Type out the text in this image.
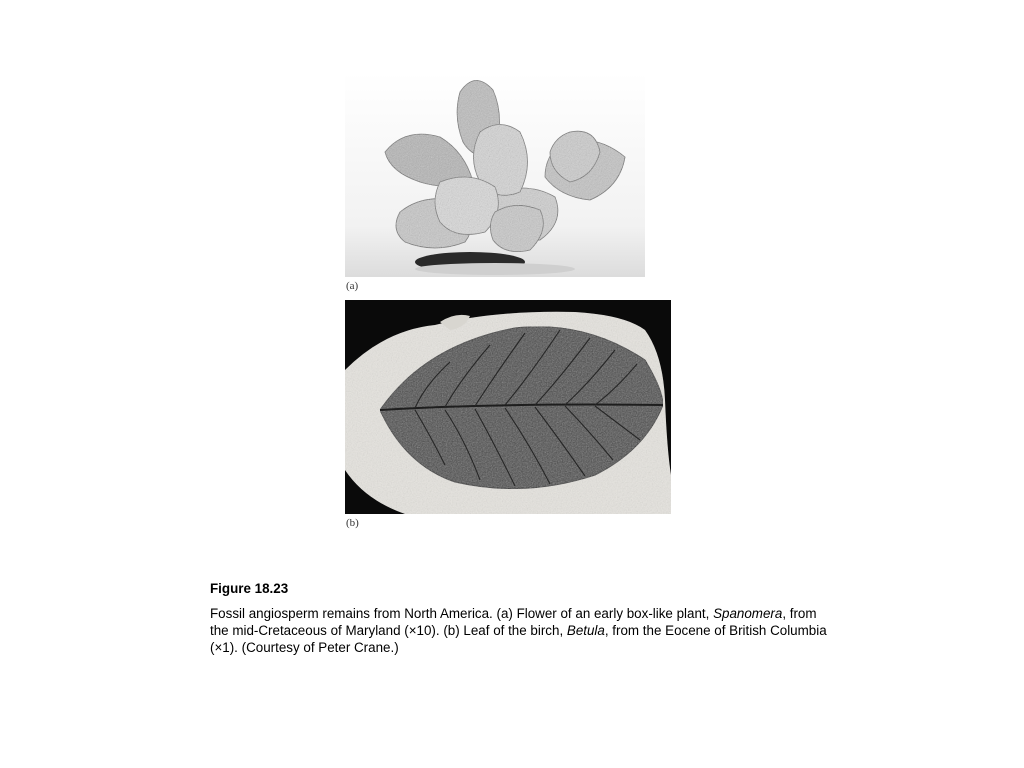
(a)
(b)
Figure 18.23
Fossil angiosperm remains from North America. (a) Flower of an early box-like plant, Spanomera, from the mid-Cretaceous of Maryland (×10). (b) Leaf of the birch, Betula, from the Eocene of British Columbia (×1). (Courtesy of Peter Crane.)
